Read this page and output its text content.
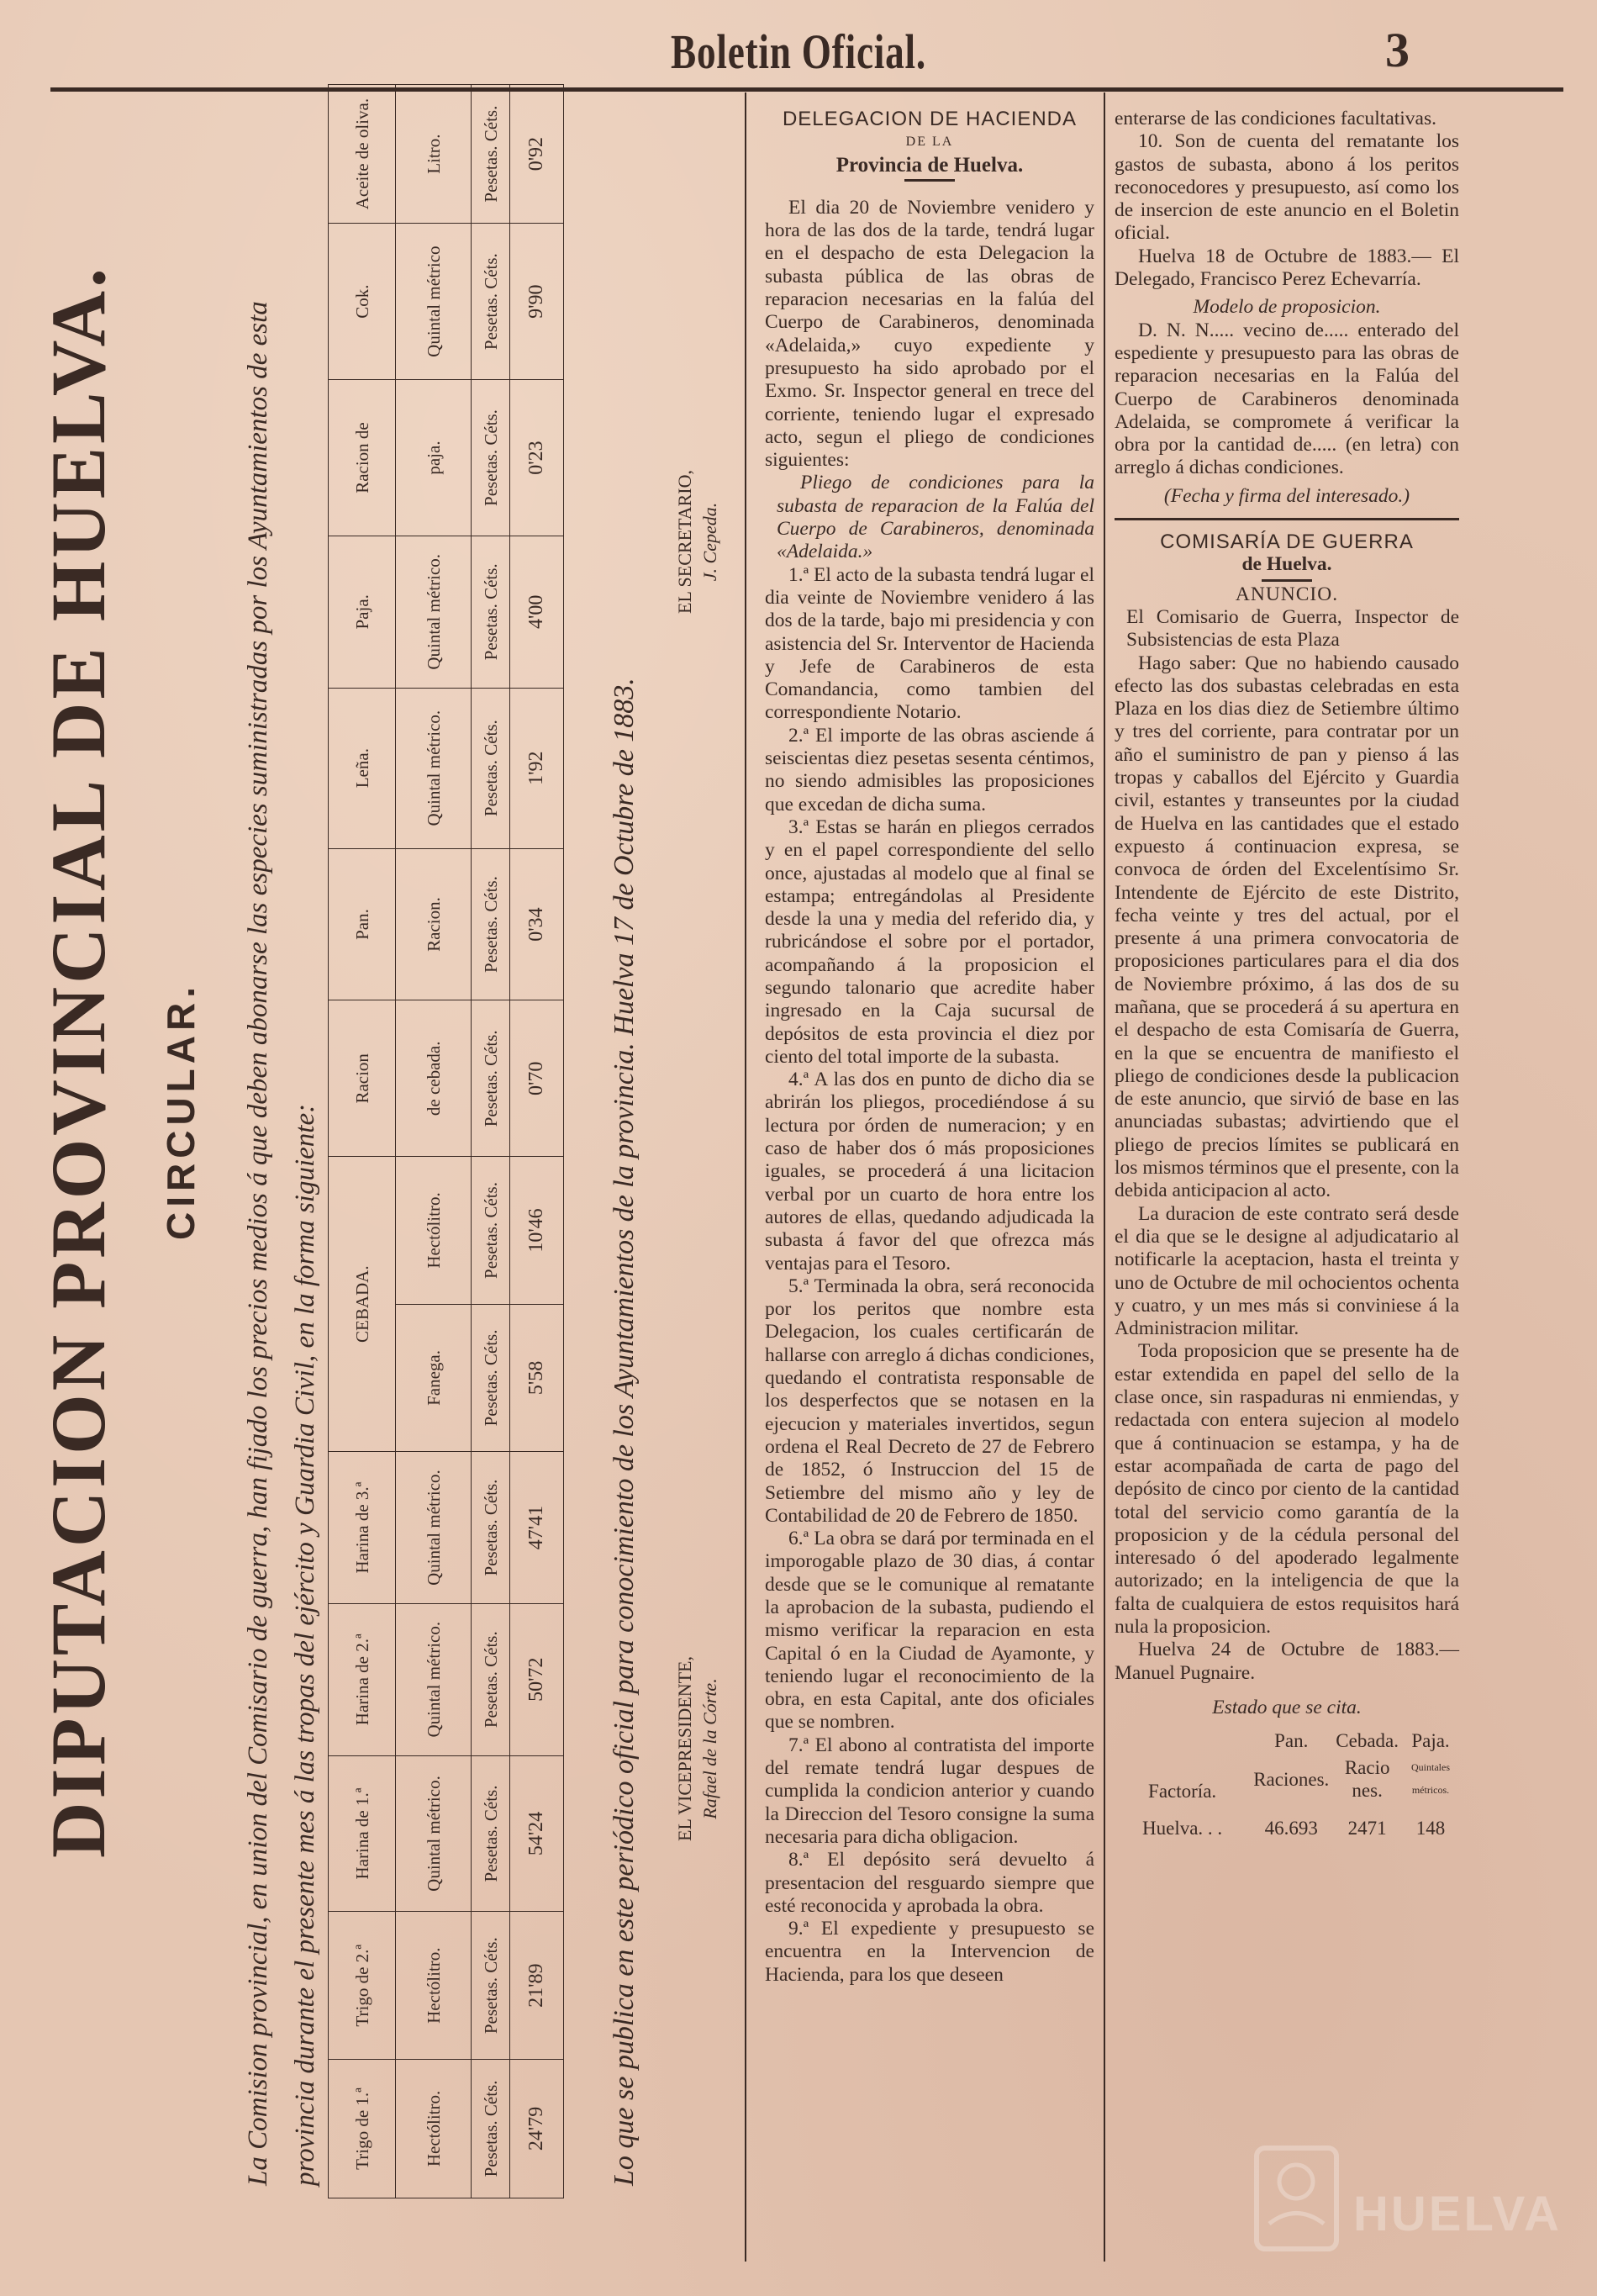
Boletin Oficial.	3
DIPUTACION PROVINCIAL DE HUELVA. CIRCULAR. La Comision provincial, en union del Comisario de guerra, han fijado los precios medios á que deben abonarse las especies suministradas por los Ayuntamientos de esta provincia durante el presente mes á las tropas del ejército y Guardia Civil, en la forma siguiente:	Trigo de 1.ª	Trigo de 2.ª	Harina de 1.ª	Harina de 2.ª	Harina de 3.ª	CEBADA.		Racion	Pan.	Leña.	Paja.	Racion de	Cok.	Aceite de oliva.

Hectólitro.	Hectólitro.	Quintal métrico.	Quintal métrico.	Quintal métrico.	Fanega.	Hectólitro.	de cebada.	Racion.	Quintal métrico.	Quintal métrico.	paja.	Quintal métrico	Litro.
Pesetas. Céts.	Pesetas. Céts.	Pesetas. Céts.	Pesetas. Céts.	Pesetas. Céts.	Pesetas. Céts.	Pesetas. Céts.	Pesetas. Céts.	Pesetas. Céts.	Pesetas. Céts.	Pesetas. Céts.	Pesetas. Céts.	Pesetas. Céts.	Pesetas. Céts.
24'79	21'89	54'24	50'72	47'41	5'58	10'46	0'70	0'34	1'92	4'00	0'23	9'90	0'92
Lo que se publica en este periódico oficial para conocimiento de los Ayuntamientos de la provincia. Huelva 17 de Octubre de 1883. EL VICEPRESIDENTE, Rafael de la Córte.
EL SECRETARIO, J. Cepeda.
DELEGACION DE HACIENDA
DE LA
Provincia de Huelva.

El dia 20 de Noviembre venidero y hora de las dos de la tarde, tendrá lugar en el despacho de esta Delegacion la subasta pública de las obras de reparacion necesarias en la falúa del Cuerpo de Carabineros, denominada «Adelaida,» cuyo expediente y presupuesto ha sido aprobado por el Exmo. Sr. Inspector general en trece del corriente, teniendo lugar el expresado acto, segun el pliego de condiciones siguientes:

Pliego de condiciones para la subasta de reparacion de la Falúa del Cuerpo de Carabineros, denominada «Adelaida.»

1.ª El acto de la subasta tendrá lugar el dia veinte de Noviembre venidero á las dos de la tarde, bajo mi presidencia y con asistencia del Sr. Interventor de Hacienda y Jefe de Carabineros de esta Comandancia, como tambien del correspondiente Notario.

2.ª El importe de las obras asciende á seiscientas diez pesetas sesenta céntimos, no siendo admisibles las proposiciones que excedan de dicha suma.

3.ª Estas se harán en pliegos cerrados y en el papel correspondiente del sello once, ajustadas al modelo que al final se estampa; entregándolas al Presidente desde la una y media del referido dia, y rubricándose el sobre por el portador, acompañando á la proposicion el segundo talonario que acredite haber ingresado en la Caja sucursal de depósitos de esta provincia el diez por ciento del total importe de la subasta.

4.ª A las dos en punto de dicho dia se abrirán los pliegos, procediéndose á su lectura por órden de numeracion; y en caso de haber dos ó más proposiciones iguales, se procederá á una licitacion verbal por un cuarto de hora entre los autores de ellas, quedando adjudicada la subasta á favor del que ofrezca más ventajas para el Tesoro.

5.ª Terminada la obra, será reconocida por los peritos que nombre esta Delegacion, los cuales certificarán de hallarse con arreglo á dichas condiciones, quedando el contratista responsable de los desperfectos que se notasen en la ejecucion y materiales invertidos, segun ordena el Real Decreto de 27 de Febrero de 1852, ó Instruccion del 15 de Setiembre del mismo año y ley de Contabilidad de 20 de Febrero de 1850.

6.ª La obra se dará por terminada en el imporogable plazo de 30 dias, á contar desde que se le comunique al rematante la aprobacion de la subasta, pudiendo el mismo verificar la reparacion en esta Capital ó en la Ciudad de Ayamonte, y teniendo lugar el reconocimiento de la obra, en esta Capital, ante dos oficiales que se nombren.

7.ª El abono al contratista del importe del remate tendrá lugar despues de cumplida la condicion anterior y cuando la Direccion del Tesoro consigne la suma necesaria para dicha obligacion.

8.ª El depósito será devuelto á presentacion del resguardo siempre que esté reconocida y aprobada la obra.

9.ª El expediente y presupuesto se encuentra en la Intervencion de Hacienda, para los que deseen

enterarse de las condiciones facultativas.

10. Son de cuenta del rematante los gastos de subasta, abono á los peritos reconocedores y presupuesto, así como los de insercion de este anuncio en el Boletin oficial.

Huelva 18 de Octubre de 1883.— El Delegado, Francisco Perez Echevarría.

Modelo de proposicion.

D. N. N..... vecino de..... enterado del espediente y presupuesto para las obras de reparacion necesarias en la Falúa del Cuerpo de Carabineros denominada Adelaida, se compromete á verificar la obra por la cantidad de..... (en letra) con arreglo á dichas condiciones.

(Fecha y firma del interesado.)
COMISARÍA DE GUERRA
de Huelva.
ANUNCIO.

El Comisario de Guerra, Inspector de Subsistencias de esta Plaza

Hago saber: Que no habiendo causado efecto las dos subastas celebradas en esta Plaza en los dias diez de Setiembre último y tres del corriente, para contratar por un año el suministro de pan y pienso á las tropas y caballos del Ejército y Guardia civil, estantes y transeuntes por la ciudad de Huelva en las cantidades que el estado expuesto á continuacion expresa, se convoca de órden del Excelentísimo Sr. Intendente de Ejército de este Distrito, fecha veinte y tres del actual, por el presente á una primera convocatoria de proposiciones particulares para el dia dos de Noviembre próximo, á las dos de su mañana, que se procederá á su apertura en el despacho de esta Comisaría de Guerra, en la que se encuentra de manifiesto el pliego de condiciones desde la publicacion de este anuncio, que sirvió de base en las anunciadas subastas; advirtiendo que el pliego de precios límites se publicará en los mismos términos que el presente, con la debida anticipacion al acto.

La duracion de este contrato será desde el dia que se le designe al adjudicatario al notificarle la aceptacion, hasta el treinta y uno de Octubre de mil ochocientos ochenta y cuatro, y un mes más si conviniese á la Administracion militar.

Toda proposicion que se presente ha de estar extendida en papel del sello de la clase once, sin raspaduras ni enmiendas, y redactada con entera sujecion al modelo que á continuacion se estampa, y ha de estar acompañada de carta de pago del depósito de cinco por ciento de la cantidad total del servicio como garantía de la proposicion y de la cédula personal del interesado ó del apoderado legalmente autorizado; en la inteligencia de que la falta de cualquiera de estos requisitos hará nula la proposicion.

Huelva 24 de Octubre de 1883.— Manuel Pugnaire.

Estado que se cita.
	Pan.	Cebada.	Paja.
Factoría.	Raciones.	Racio nes.	Quintales métricos.
Huelva. . .	46.693	2471	148
HUELVA
